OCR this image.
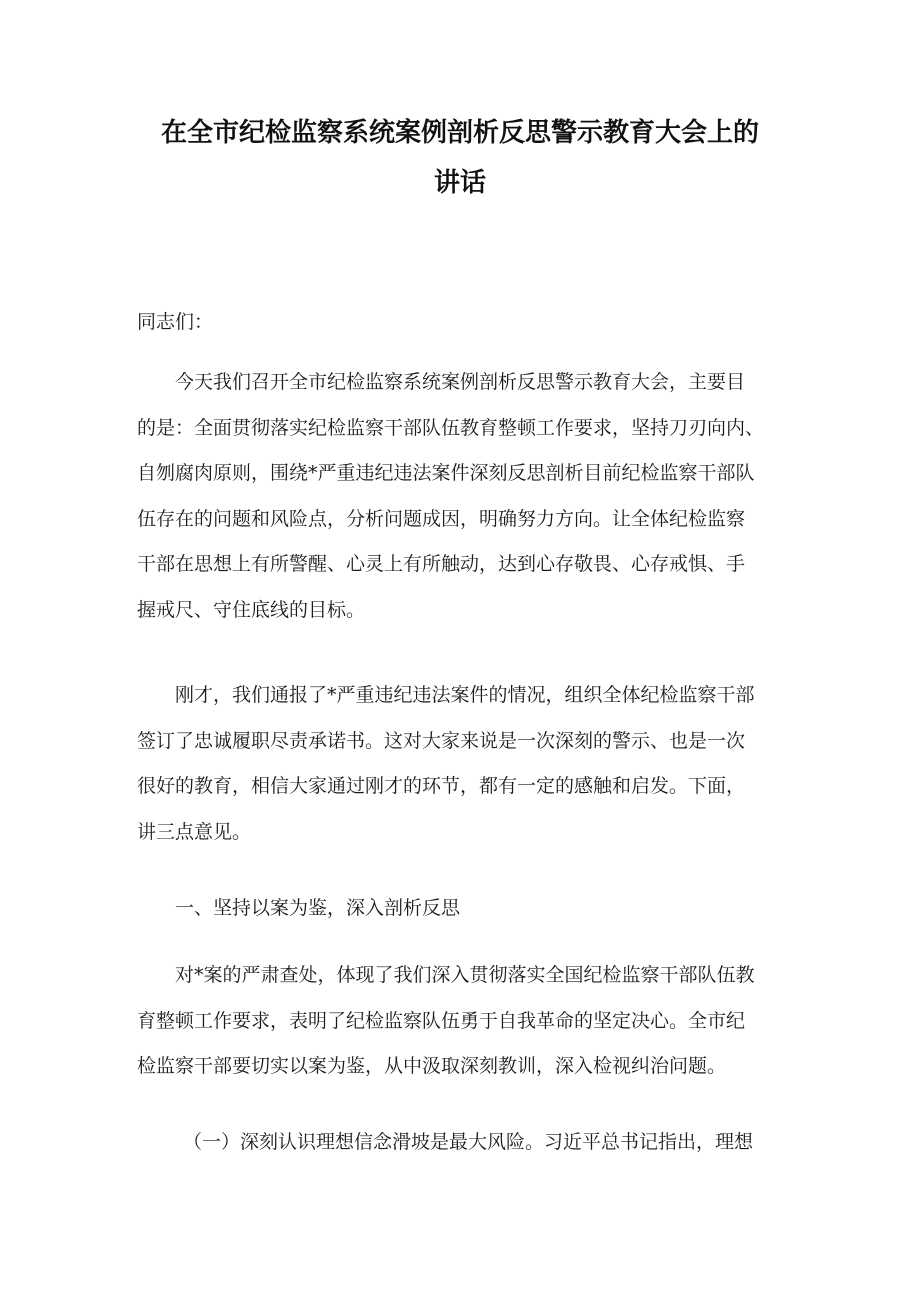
在全市纪检监察系统案例剖析反思警示教育大会上的
讲话

同志们：

今天我们召开全市纪检监察系统案例剖析反思警示教育大会，主要目
的是：全面贯彻落实纪检监察干部队伍教育整顿工作要求，坚持刀刃向内、
自刎腐肉原则，围绕*严重违纪违法案件深刻反思剖析目前纪检监察干部队
伍存在的问题和风险点，分析问题成因，明确努力方向。让全体纪检监察
干部在思想上有所警醒、心灵上有所触动，达到心存敬畏、心存戒惧、手
握戒尺、守住底线的目标。

刚才，我们通报了*严重违纪违法案件的情况，组织全体纪检监察干部
签订了忠诚履职尽责承诺书。这对大家来说是一次深刻的警示、也是一次
很好的教育，相信大家通过刚才的环节，都有一定的感触和启发。下面，
讲三点意见。

一、坚持以案为鉴，深入剖析反思

对*案的严肃查处，体现了我们深入贯彻落实全国纪检监察干部队伍教
育整顿工作要求，表明了纪检监察队伍勇于自我革命的坚定决心。全市纪
检监察干部要切实以案为鉴，从中汲取深刻教训，深入检视纠治问题。

（一）深刻认识理想信念滑坡是最大风险。习近平总书记指出，理想
